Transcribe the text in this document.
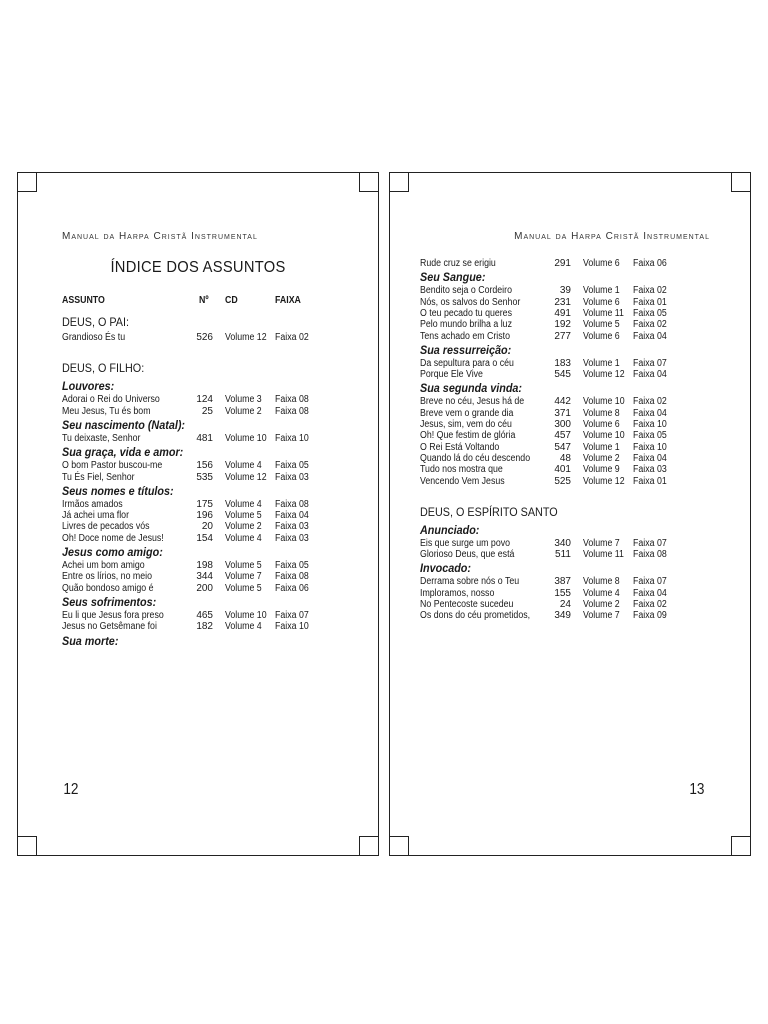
Manual da Harpa Cristã Instrumental
ÍNDICE DOS ASSUNTOS
ASSUNTO	Nº CD	FAIXA
DEUS, O PAI:
Grandioso És tu	526 Volume 12 Faixa 02
DEUS, O FILHO:
Louvores:
Adorai o Rei do Universo	124 Volume 3 Faixa 08
Meu Jesus, Tu és bom	25 Volume 2 Faixa 08
Seu nascimento (Natal):
Tu deixaste, Senhor	481 Volume 10 Faixa 10
Sua graça, vida e amor:
O bom Pastor buscou-me	156 Volume 4 Faixa 05
Tu És Fiel, Senhor	535 Volume 12 Faixa 03
Seus nomes e títulos:
Irmãos amados	175 Volume 4 Faixa 08
Já achei uma flor	196 Volume 5 Faixa 04
Livres de pecados vós	20 Volume 2 Faixa 03
Oh! Doce nome de Jesus!	154 Volume 4 Faixa 03
Jesus como amigo:
Achei um bom amigo	198 Volume 5 Faixa 05
Entre os lírios, no meio	344 Volume 7 Faixa 08
Quão bondoso amigo é	200 Volume 5 Faixa 06
Seus sofrimentos:
Eu li que Jesus fora preso	465 Volume 10 Faixa 07
Jesus no Getsêmane foi	182 Volume 4 Faixa 10
Sua morte:
12
Manual da Harpa Cristã Instrumental
Rude cruz se erigiu	291 Volume 6 Faixa 06
Seu Sangue:
Bendito seja o Cordeiro	39 Volume 1 Faixa 02
Nós, os salvos do Senhor	231 Volume 6 Faixa 01
O teu pecado tu queres	491 Volume 11 Faixa 05
Pelo mundo brilha a luz	192 Volume 5 Faixa 02
Tens achado em Cristo	277 Volume 6 Faixa 04
Sua ressurreição:
Da sepultura para o céu	183 Volume 1 Faixa 07
Porque Ele Vive	545 Volume 12 Faixa 04
Sua segunda vinda:
Breve no céu, Jesus há de	442 Volume 10 Faixa 02
Breve vem o grande dia	371 Volume 8 Faixa 04
Jesus, sim, vem do céu	300 Volume 6 Faixa 10
Oh! Que festim de glória	457 Volume 10 Faixa 05
O Rei Está Voltando	547 Volume 1 Faixa 10
Quando lá do céu descendo	48 Volume 2 Faixa 04
Tudo nos mostra que	401 Volume 9 Faixa 03
Vencendo Vem Jesus	525 Volume 12 Faixa 01
DEUS, O ESPÍRITO SANTO
Anunciado:
Eis que surge um povo	340 Volume 7 Faixa 07
Glorioso Deus, que está	511 Volume 11 Faixa 08
Invocado:
Derrama sobre nós o Teu	387 Volume 8 Faixa 07
Imploramos, nosso	155 Volume 4 Faixa 04
No Pentecoste sucedeu	24 Volume 2 Faixa 02
Os dons do céu prometidos,	349 Volume 7 Faixa 09
13
